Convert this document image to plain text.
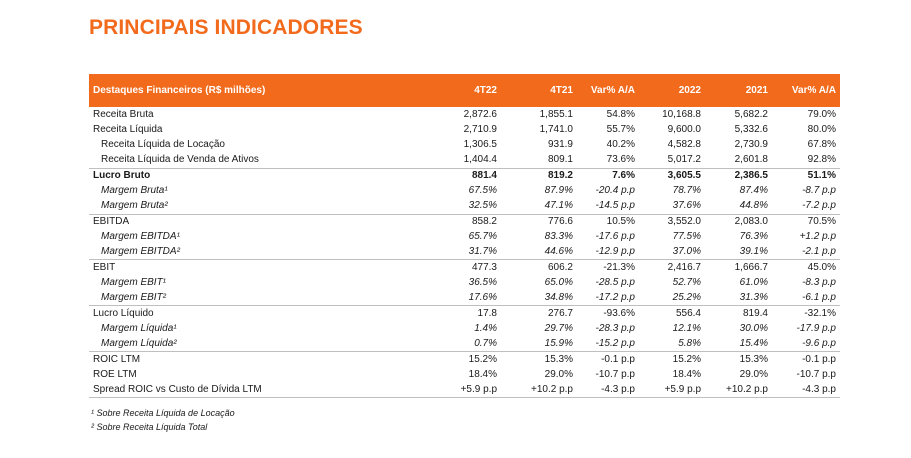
PRINCIPAIS INDICADORES
Destaques Financeiros (R$ milhões)	4T22	4T21	Var% A/A	2022	2021	Var% A/A
Receita Bruta	2,872.6	1,855.1	54.8%	10,168.8	5,682.2	79.0%
Receita Líquida	2,710.9	1,741.0	55.7%	9,600.0	5,332.6	80.0%
Receita Líquida de Locação	1,306.5	931.9	40.2%	4,582.8	2,730.9	67.8%
Receita Líquida de Venda de Ativos	1,404.4	809.1	73.6%	5,017.2	2,601.8	92.8%
Lucro Bruto	881.4	819.2	7.6%	3,605.5	2,386.5	51.1%
Margem Bruta¹	67.5%	87.9%	-20.4 p.p	78.7%	87.4%	-8.7 p.p
Margem Bruta²	32.5%	47.1%	-14.5 p.p	37.6%	44.8%	-7.2 p.p
EBITDA	858.2	776.6	10.5%	3,552.0	2,083.0	70.5%
Margem EBITDA¹	65.7%	83.3%	-17.6 p.p	77.5%	76.3%	+1.2 p.p
Margem EBITDA²	31.7%	44.6%	-12.9 p.p	37.0%	39.1%	-2.1 p.p
EBIT	477.3	606.2	-21.3%	2,416.7	1,666.7	45.0%
Margem EBIT¹	36.5%	65.0%	-28.5 p.p	52.7%	61.0%	-8.3 p.p
Margem EBIT²	17.6%	34.8%	-17.2 p.p	25.2%	31.3%	-6.1 p.p
Lucro Líquido	17.8	276.7	-93.6%	556.4	819.4	-32.1%
Margem Líquida¹	1.4%	29.7%	-28.3 p.p	12.1%	30.0%	-17.9 p.p
Margem Líquida²	0.7%	15.9%	-15.2 p.p	5.8%	15.4%	-9.6 p.p
ROIC LTM	15.2%	15.3%	-0.1 p.p	15.2%	15.3%	-0.1 p.p
ROE LTM	18.4%	29.0%	-10.7 p.p	18.4%	29.0%	-10.7 p.p
Spread ROIC vs Custo de Dívida LTM	+5.9 p.p	+10.2 p.p	-4.3 p.p	+5.9 p.p	+10.2 p.p	-4.3 p.p
¹ Sobre Receita Líquida de Locação
² Sobre Receita Líquida Total
